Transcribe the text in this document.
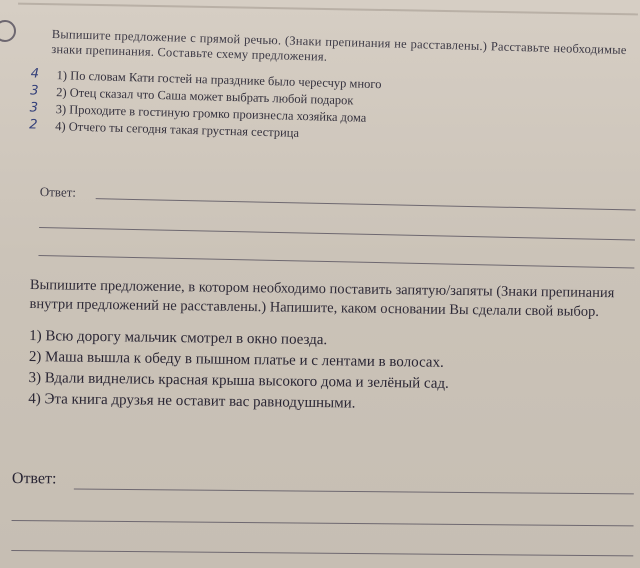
Выпишите предложение с прямой речью. (Знаки препинания не расставлены.) Расставьте необходимые знаки препинания. Составьте схему предложения.
4 1) По словам Кати гостей на празднике было чересчур много
3 2) Отец сказал что Саша может выбрать любой подарок
3 3) Проходите в гостиную громко произнесла хозяйка дома
2 4) Отчего ты сегодня такая грустная сестрица
Ответ:
Выпишите предложение, в котором необходимо поставить запятую/запяты (Знаки препинания внутри предложений не расставлены.) Напишите, каком основании Вы сделали свой выбор.
1) Всю дорогу мальчик смотрел в окно поезда.
2) Маша вышла к обеду в пышном платье и с лентами в волосах.
3) Вдали виднелись красная крыша высокого дома и зелёный сад.
4) Эта книга друзья не оставит вас равнодушными.
Ответ:
